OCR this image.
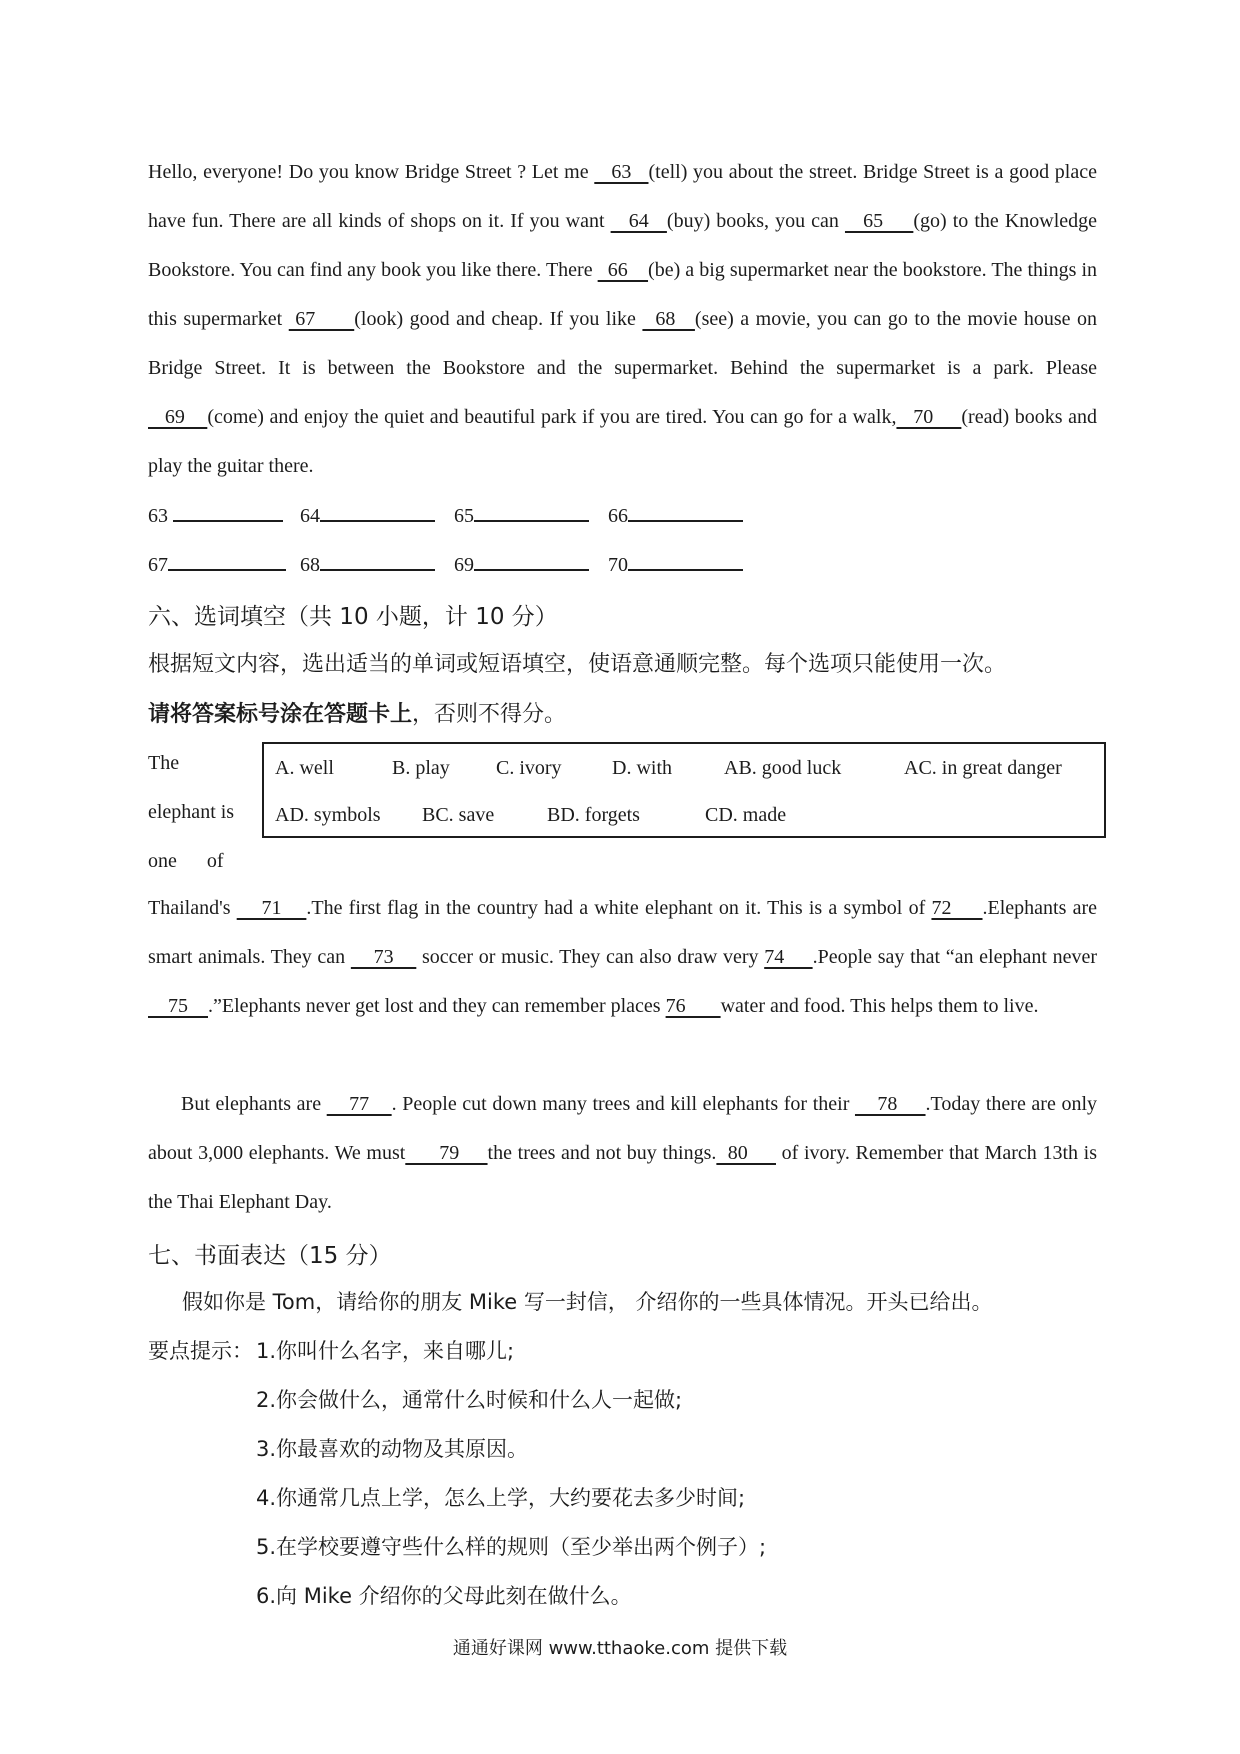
Hello, everyone! Do you know Bridge Street ? Let me    63   (tell) you about the street. Bridge Street is a good place have fun. There are all kinds of shops on it. If you want    64   (buy) books, you can    65     (go) to the Knowledge Bookstore. You can find any book you like there. There   66    (be) a big supermarket near the bookstore. The things in this supermarket  67      (look) good and cheap. If you like   68   (see) a movie, you can go to the movie house on Bridge Street. It is between the Bookstore and the supermarket. Behind the supermarket is a park. Please    69    (come) and enjoy the quiet and beautiful park if you are tired. You can go for a walk,   70     (read) books and play the guitar there.
63	64	65	66
67	68	69	70
六、选词填空（共 10 小题，计 10 分）
根据短文内容，选出适当的单词或短语填空，使语意通顺完整。每个选项只能使用一次。
请将答案标号涂在答题卡上，否则不得分。
The
elephant is
one      of
A. well	B. play C. ivory	D. with	AB. good luck	AC. in great danger
AD. symbols BC. save	BD. forgets	CD. made
Thailand's     71    .The first flag in the country had a white elephant on it. This is a symbol of 72     .Elephants are smart animals. They can     73     soccer or music. They can also draw very 74     .People say that “an elephant never     75    .”Elephants never get lost and they can remember places 76       water and food. This helps them to live.
But elephants are     77    . People cut down many trees and kill elephants for their     78     .Today there are only about 3,000 elephants. We must      79     the trees and not buy things.  80      of ivory. Remember that March 13th is the Thai Elephant Day.
七、书面表达（15 分）
假如你是 Tom，请给你的朋友 Mike 写一封信， 介绍你的一些具体情况。开头已给出。
要点提示： 1.你叫什么名字，来自哪儿;
2.你会做什么，通常什么时候和什么人一起做;
3.你最喜欢的动物及其原因。
4.你通常几点上学，怎么上学，大约要花去多少时间;
5.在学校要遵守些什么样的规则（至少举出两个例子）;
6.向 Mike 介绍你的父母此刻在做什么。
通通好课网 www.tthaoke.com 提供下载
